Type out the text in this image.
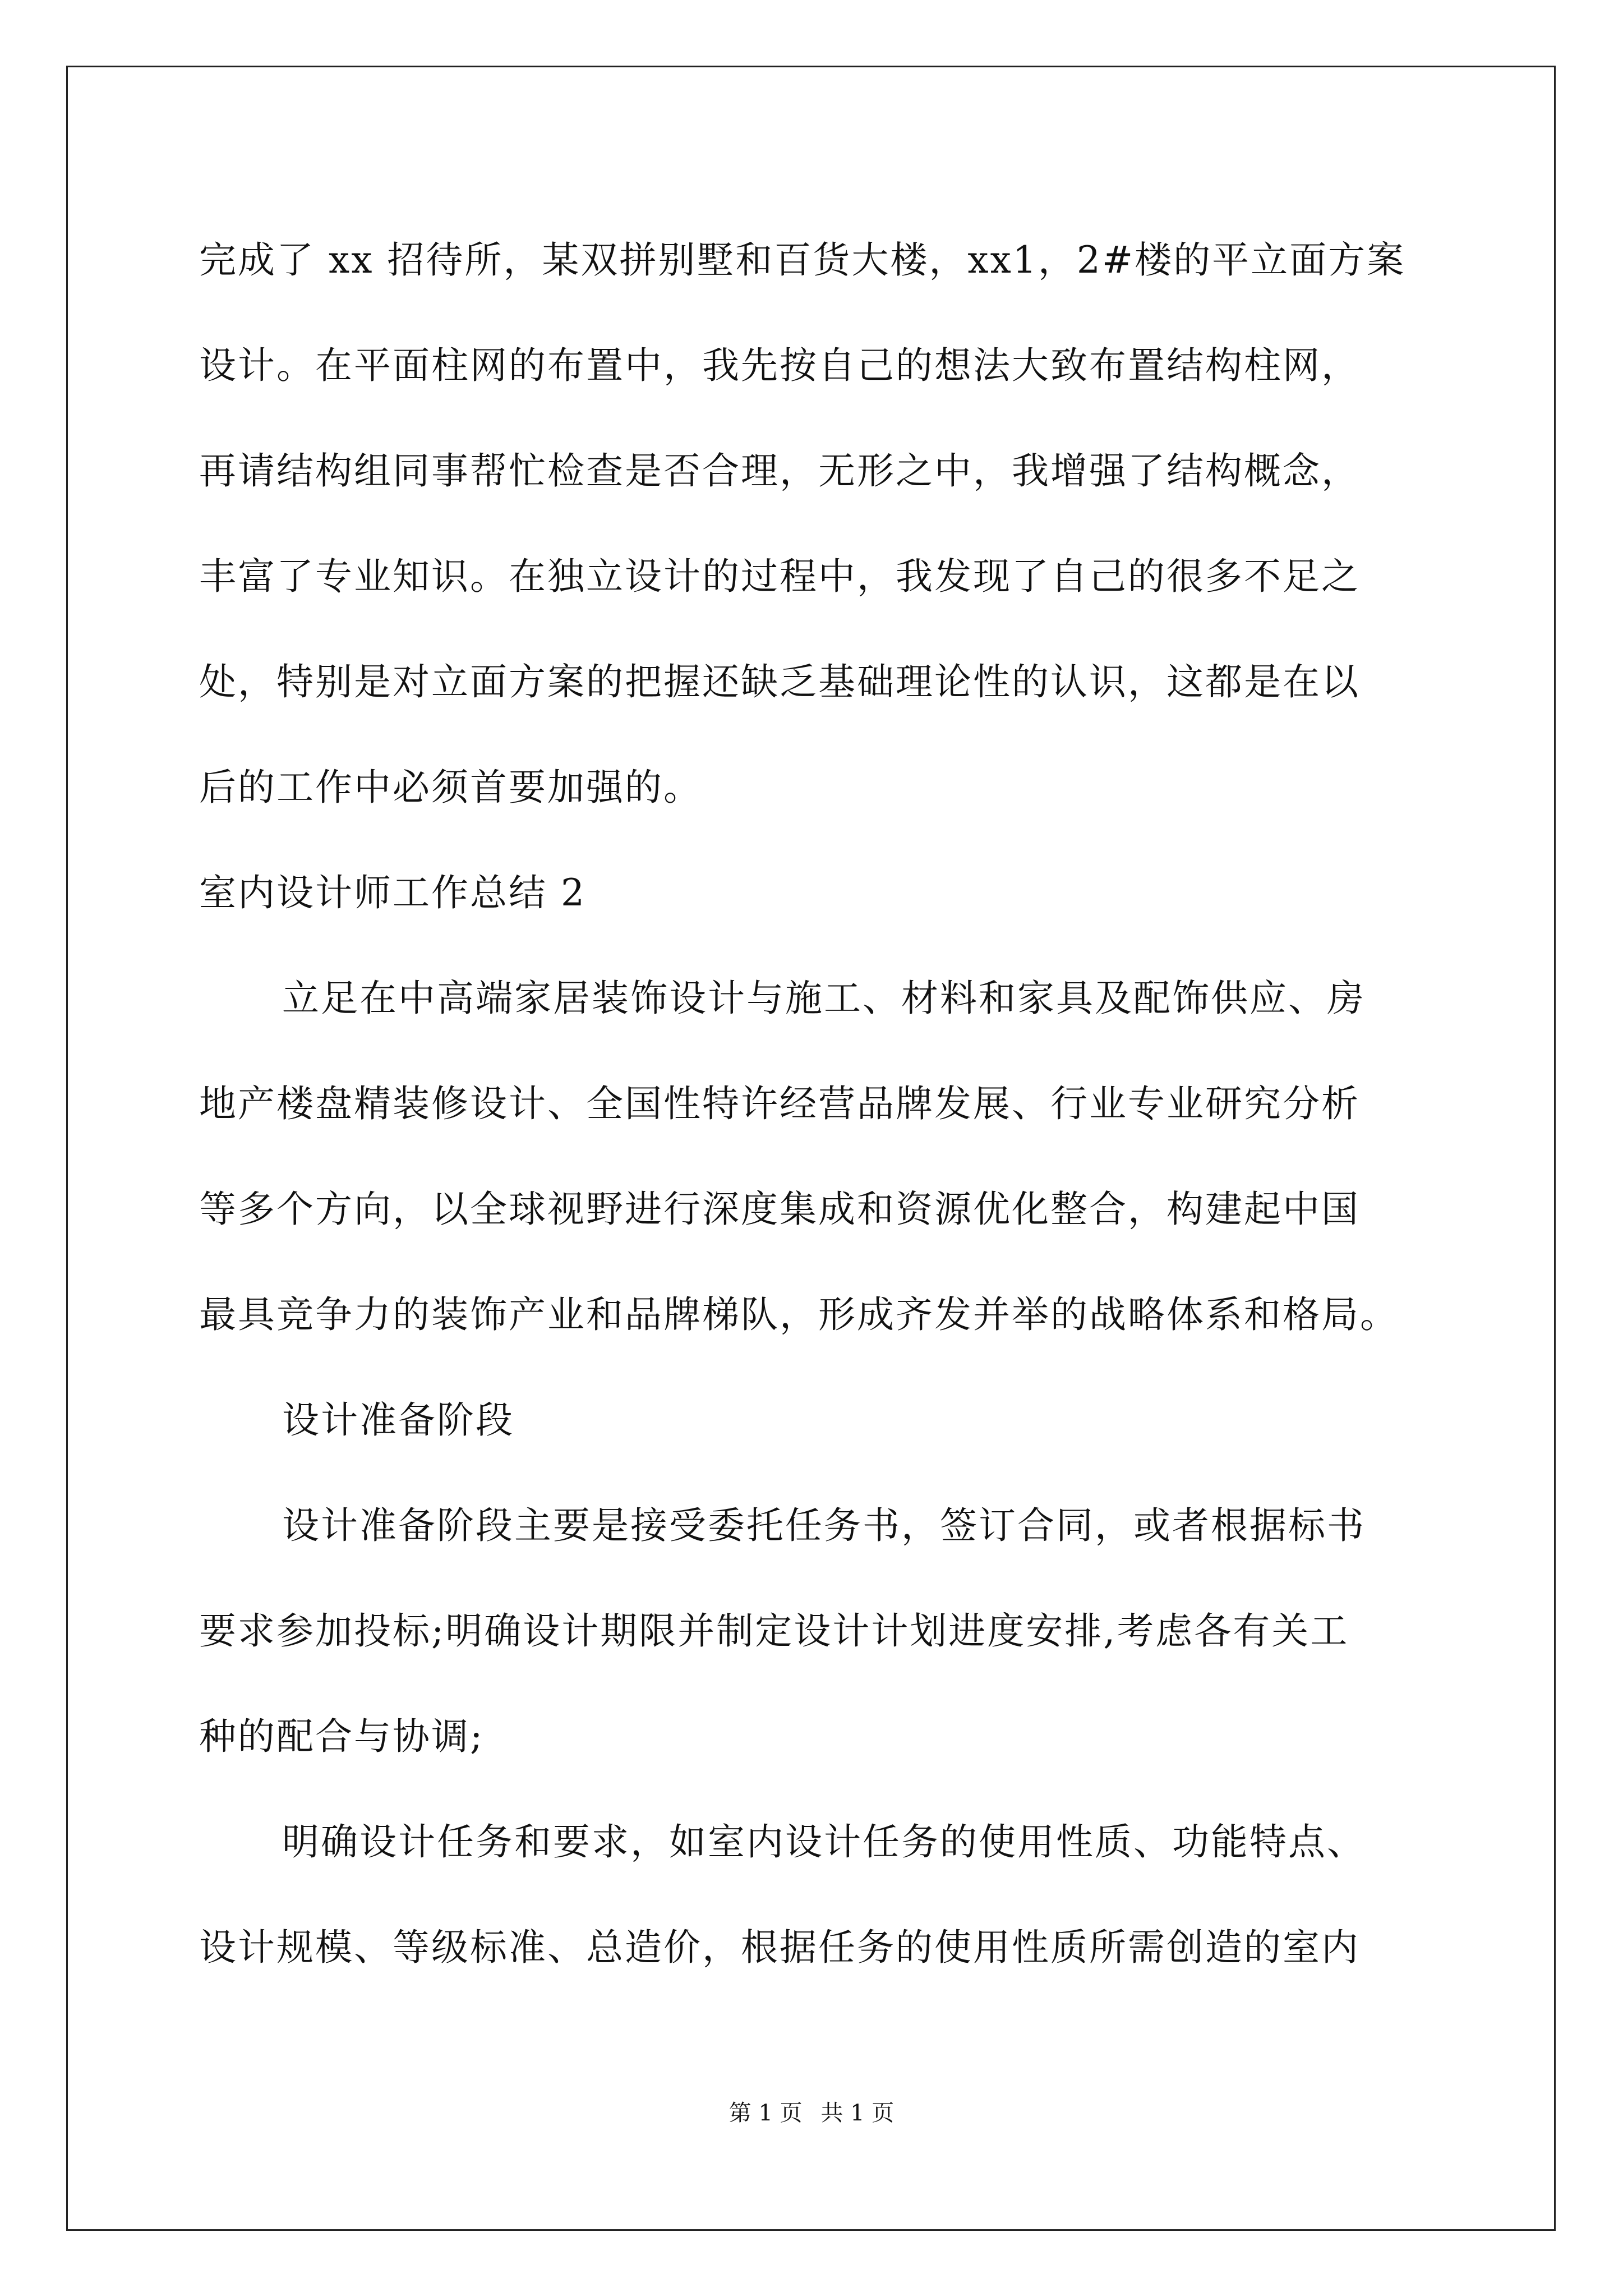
完成了 xx 招待所，某双拼别墅和百货大楼，xx1，2#楼的平立面方案
设计。在平面柱网的布置中，我先按自己的想法大致布置结构柱网，
再请结构组同事帮忙检查是否合理，无形之中，我增强了结构概念，
丰富了专业知识。在独立设计的过程中，我发现了自己的很多不足之
处，特别是对立面方案的把握还缺乏基础理论性的认识，这都是在以
后的工作中必须首要加强的。
室内设计师工作总结 2
立足在中高端家居装饰设计与施工、材料和家具及配饰供应、房
地产楼盘精装修设计、全国性特许经营品牌发展、行业专业研究分析
等多个方向，以全球视野进行深度集成和资源优化整合，构建起中国
最具竞争力的装饰产业和品牌梯队，形成齐发并举的战略体系和格局。
设计准备阶段
设计准备阶段主要是接受委托任务书，签订合同，或者根据标书
要求参加投标;明确设计期限并制定设计计划进度安排,考虑各有关工
种的配合与协调;
明确设计任务和要求，如室内设计任务的使用性质、功能特点、
设计规模、等级标准、总造价，根据任务的使用性质所需创造的室内
第 1 页 共 1 页
